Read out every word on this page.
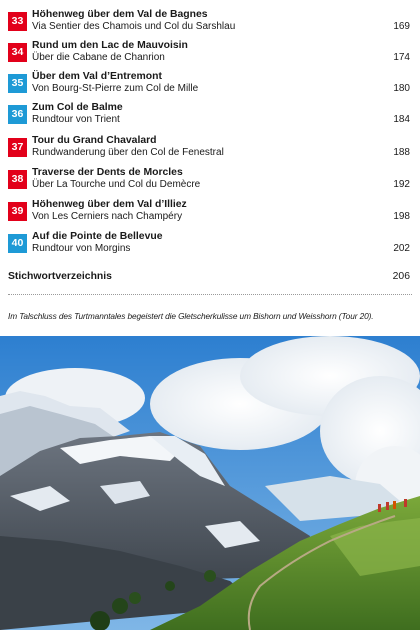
33
Höhenweg über dem Val de Bagnes
Via Sentier des Chamois und Col du Sarshlau	169
34
Rund um den Lac de Mauvoisin
Über die Cabane de Chanrion	174
35
Über dem Val d’Entremont
Von Bourg-St-Pierre zum Col de Mille	180
36
Zum Col de Balme
Rundtour von Trient	184
37
Tour du Grand Chavalard
Rundwanderung über den Col de Fenestral	188
38
Traverse der Dents de Morcles
Über La Tourche und Col du Demècre	192
39
Höhenweg über dem Val d’Illiez
Von Les Cerniers nach Champéry	198
40
Auf die Pointe de Bellevue
Rundtour von Morgins	202
Stichwortverzeichnis	206
Im Talschluss des Turtmanntales begeistert die Gletscherkulisse um Bishorn und Weisshorn (Tour 20).
